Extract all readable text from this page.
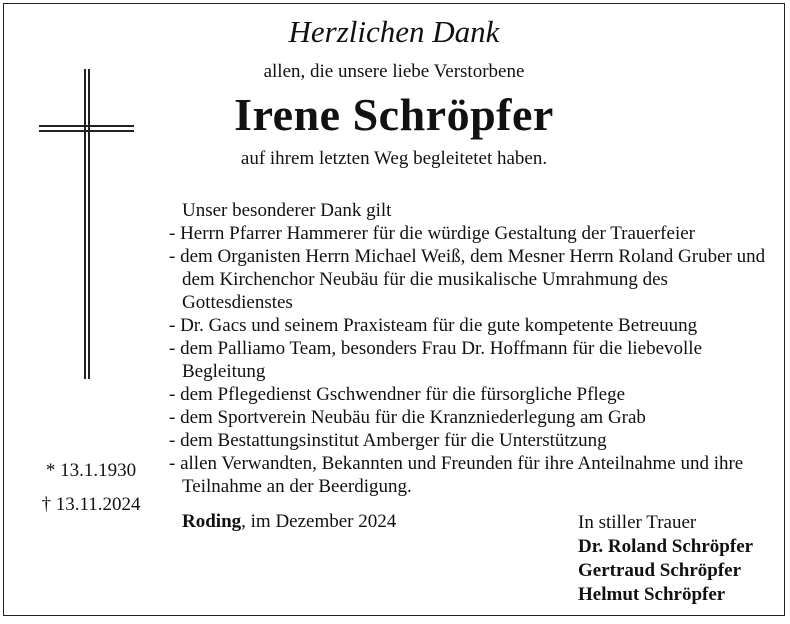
Herzlichen Dank
allen, die unsere liebe Verstorbene
Irene Schröpfer
auf ihrem letzten Weg begleitetet haben.
* 13.1.1930
† 13.11.2024
Unser besonderer Dank gilt
- Herrn Pfarrer Hammerer für die würdige Gestaltung der Trauerfeier
- dem Organisten Herrn Michael Weiß, dem Mesner Herrn Roland Gruber und dem Kirchenchor Neubäu für die musikalische Umrahmung des Gottesdienstes
- Dr. Gacs und seinem Praxisteam für die gute kompetente Betreuung
- dem Palliamo Team, besonders Frau Dr. Hoffmann für die liebevolle Begleitung
- dem Pflegedienst Gschwendner für die fürsorgliche Pflege
- dem Sportverein Neubäu für die Kranzniederlegung am Grab
- dem Bestattungsinstitut Amberger für die Unterstützung
- allen Verwandten, Bekannten und Freunden für ihre Anteilnahme und ihre Teilnahme an der Beerdigung.
Roding, im Dezember 2024	In stiller Trauer
Dr. Roland Schröpfer
Gertraud Schröpfer
Helmut Schröpfer
